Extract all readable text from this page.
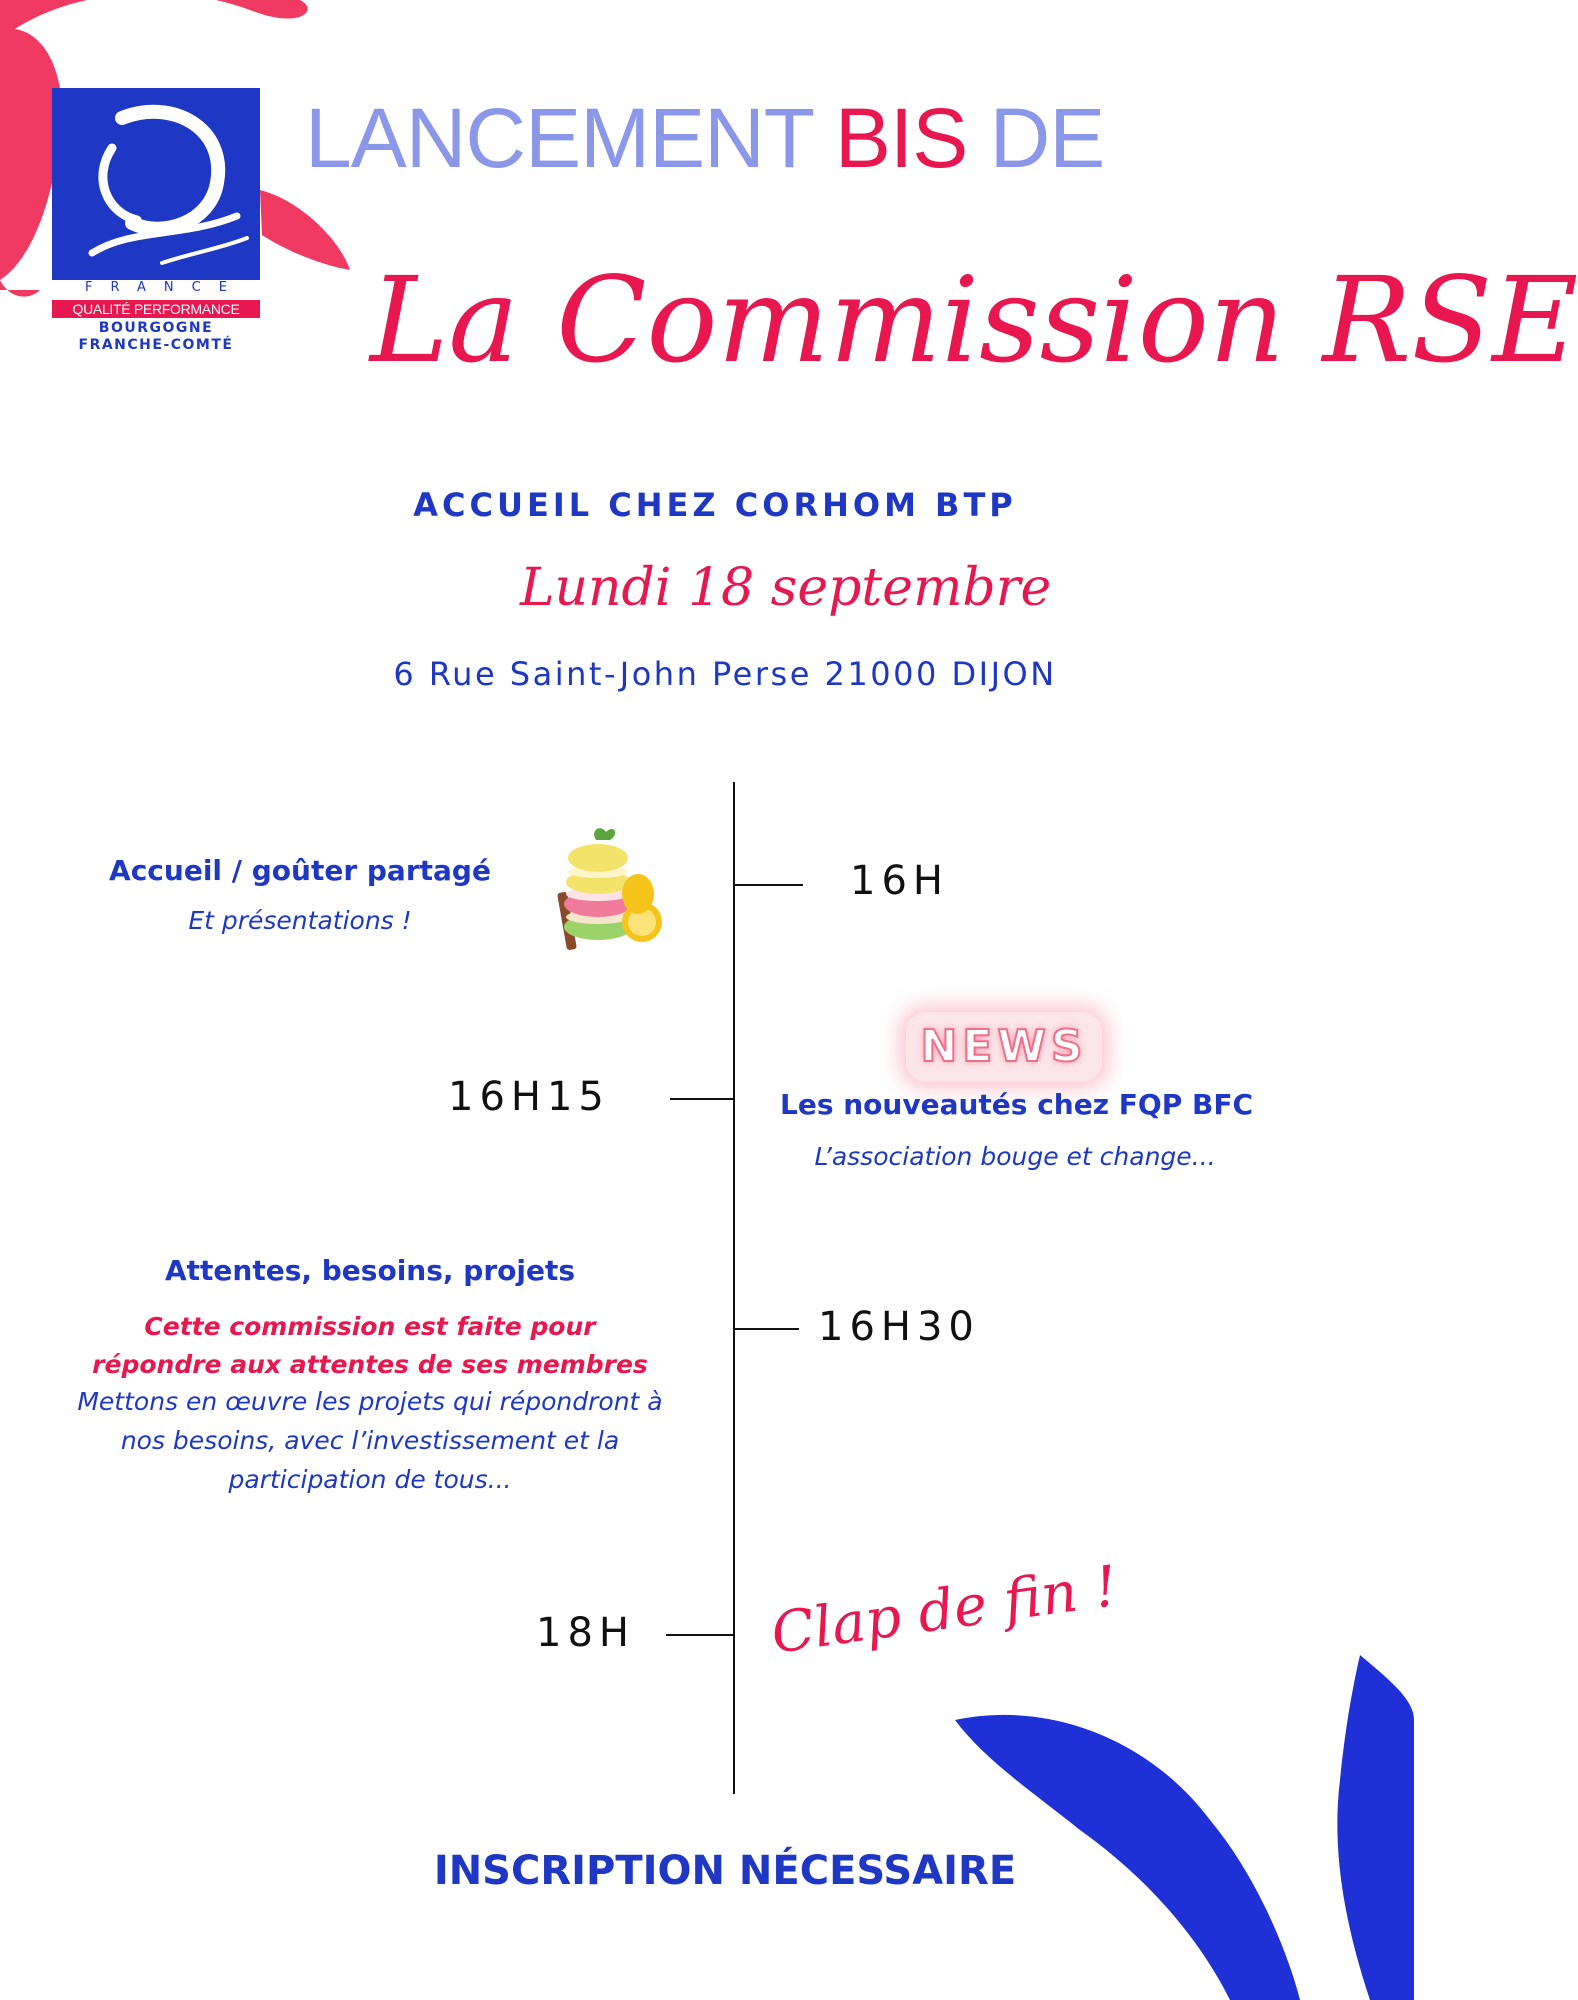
FRANCE
QUALITÉ PERFORMANCE
BOURGOGNE
FRANCHE-COMTÉ
LANCEMENT BIS DE
La Commission RSE
ACCUEIL CHEZ CORHOM BTP
Lundi 18 septembre
6 Rue Saint-John Perse 21000 DIJON
16H
Accueil / goûter partagé
Et présentations !
16H15
NEWS
Les nouveautés chez FQP BFC
L’association bouge et change...
16H30
Attentes, besoins, projets
Cette commission est faite pour
répondre aux attentes de ses membres
Mettons en œuvre les projets qui répondront à
nos besoins, avec l’investissement et la
participation de tous...
18H Clap de fin !
INSCRIPTION NÉCESSAIRE
